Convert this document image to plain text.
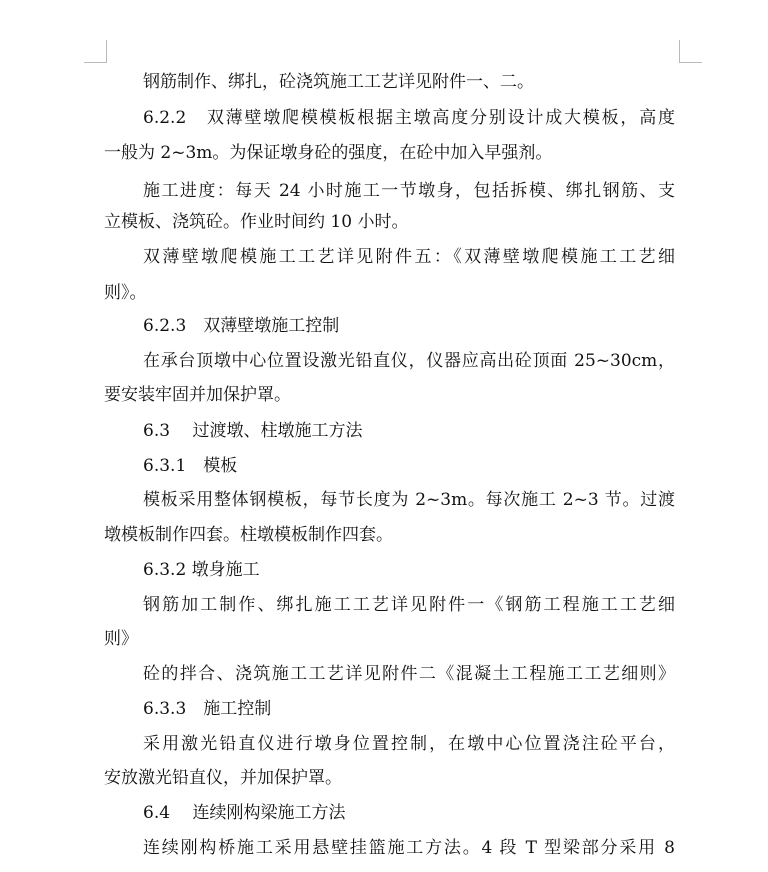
钢筋制作、绑扎，砼浇筑施工工艺详见附件一、二。
6.2.2　双薄壁墩爬模模板根据主墩高度分别设计成大模板，高度
一般为 2~3m。为保证墩身砼的强度，在砼中加入早强剂。
施工进度：每天 24 小时施工一节墩身，包括拆模、绑扎钢筋、支
立模板、浇筑砼。作业时间约 10 小时。
双薄壁墩爬模施工工艺详见附件五：《双薄壁墩爬模施工工艺细
则》。
6.2.3　双薄壁墩施工控制
在承台顶墩中心位置设激光铅直仪，仪器应高出砼顶面 25~30cm，
要安装牢固并加保护罩。
6.3　 过渡墩、柱墩施工方法
6.3.1　模板
模板采用整体钢模板，每节长度为 2~3m。每次施工 2~3 节。过渡
墩模板制作四套。柱墩模板制作四套。
6.3.2 墩身施工
钢筋加工制作、绑扎施工工艺详见附件一《钢筋工程施工工艺细
则》
砼的拌合、浇筑施工工艺详见附件二《混凝土工程施工工艺细则》
6.3.3　施工控制
采用激光铅直仪进行墩身位置控制，在墩中心位置浇注砼平台，
安放激光铅直仪，并加保护罩。
6.4　 连续刚构梁施工方法
连续刚构桥施工采用悬壁挂篮施工方法。4 段 T 型梁部分采用 8
